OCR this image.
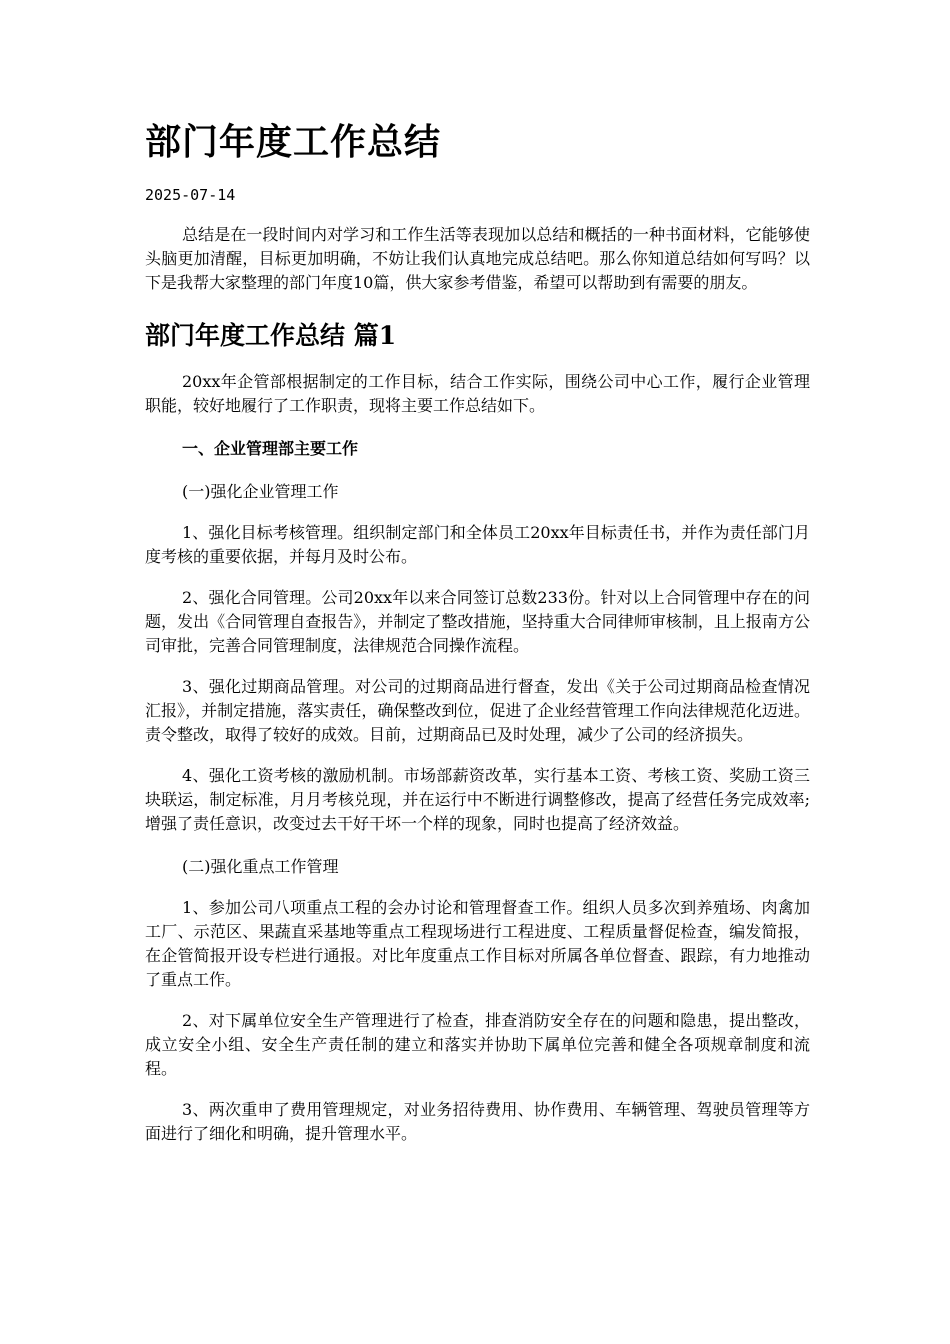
部门年度工作总结
2025-07-14

总结是在一段时间内对学习和工作生活等表现加以总结和概括的一种书面材料，它能够使头脑更加清醒，目标更加明确，不妨让我们认真地完成总结吧。那么你知道总结如何写吗？以下是我帮大家整理的部门年度10篇，供大家参考借鉴，希望可以帮助到有需要的朋友。

部门年度工作总结 篇1

20xx年企管部根据制定的工作目标，结合工作实际，围绕公司中心工作，履行企业管理职能，较好地履行了工作职责，现将主要工作总结如下。

一、企业管理部主要工作

(一)强化企业管理工作

1、强化目标考核管理。组织制定部门和全体员工20xx年目标责任书，并作为责任部门月度考核的重要依据，并每月及时公布。

2、强化合同管理。公司20xx年以来合同签订总数233份。针对以上合同管理中存在的问题，发出《合同管理自查报告》，并制定了整改措施，坚持重大合同律师审核制，且上报南方公司审批，完善合同管理制度，法律规范合同操作流程。

3、强化过期商品管理。对公司的过期商品进行督查，发出《关于公司过期商品检查情况汇报》，并制定措施，落实责任，确保整改到位，促进了企业经营管理工作向法律规范化迈进。责令整改，取得了较好的成效。目前，过期商品已及时处理，减少了公司的经济损失。

4、强化工资考核的激励机制。市场部薪资改革，实行基本工资、考核工资、奖励工资三块联运，制定标准，月月考核兑现，并在运行中不断进行调整修改，提高了经营任务完成效率;增强了责任意识，改变过去干好干坏一个样的现象，同时也提高了经济效益。

(二)强化重点工作管理

1、参加公司八项重点工程的会办讨论和管理督查工作。组织人员多次到养殖场、肉禽加工厂、示范区、果蔬直采基地等重点工程现场进行工程进度、工程质量督促检查，编发简报，在企管简报开设专栏进行通报。对比年度重点工作目标对所属各单位督查、跟踪，有力地推动了重点工作。

2、对下属单位安全生产管理进行了检查，排查消防安全存在的问题和隐患，提出整改，成立安全小组、安全生产责任制的建立和落实并协助下属单位完善和健全各项规章制度和流程。

3、两次重申了费用管理规定，对业务招待费用、协作费用、车辆管理、驾驶员管理等方面进行了细化和明确，提升管理水平。
